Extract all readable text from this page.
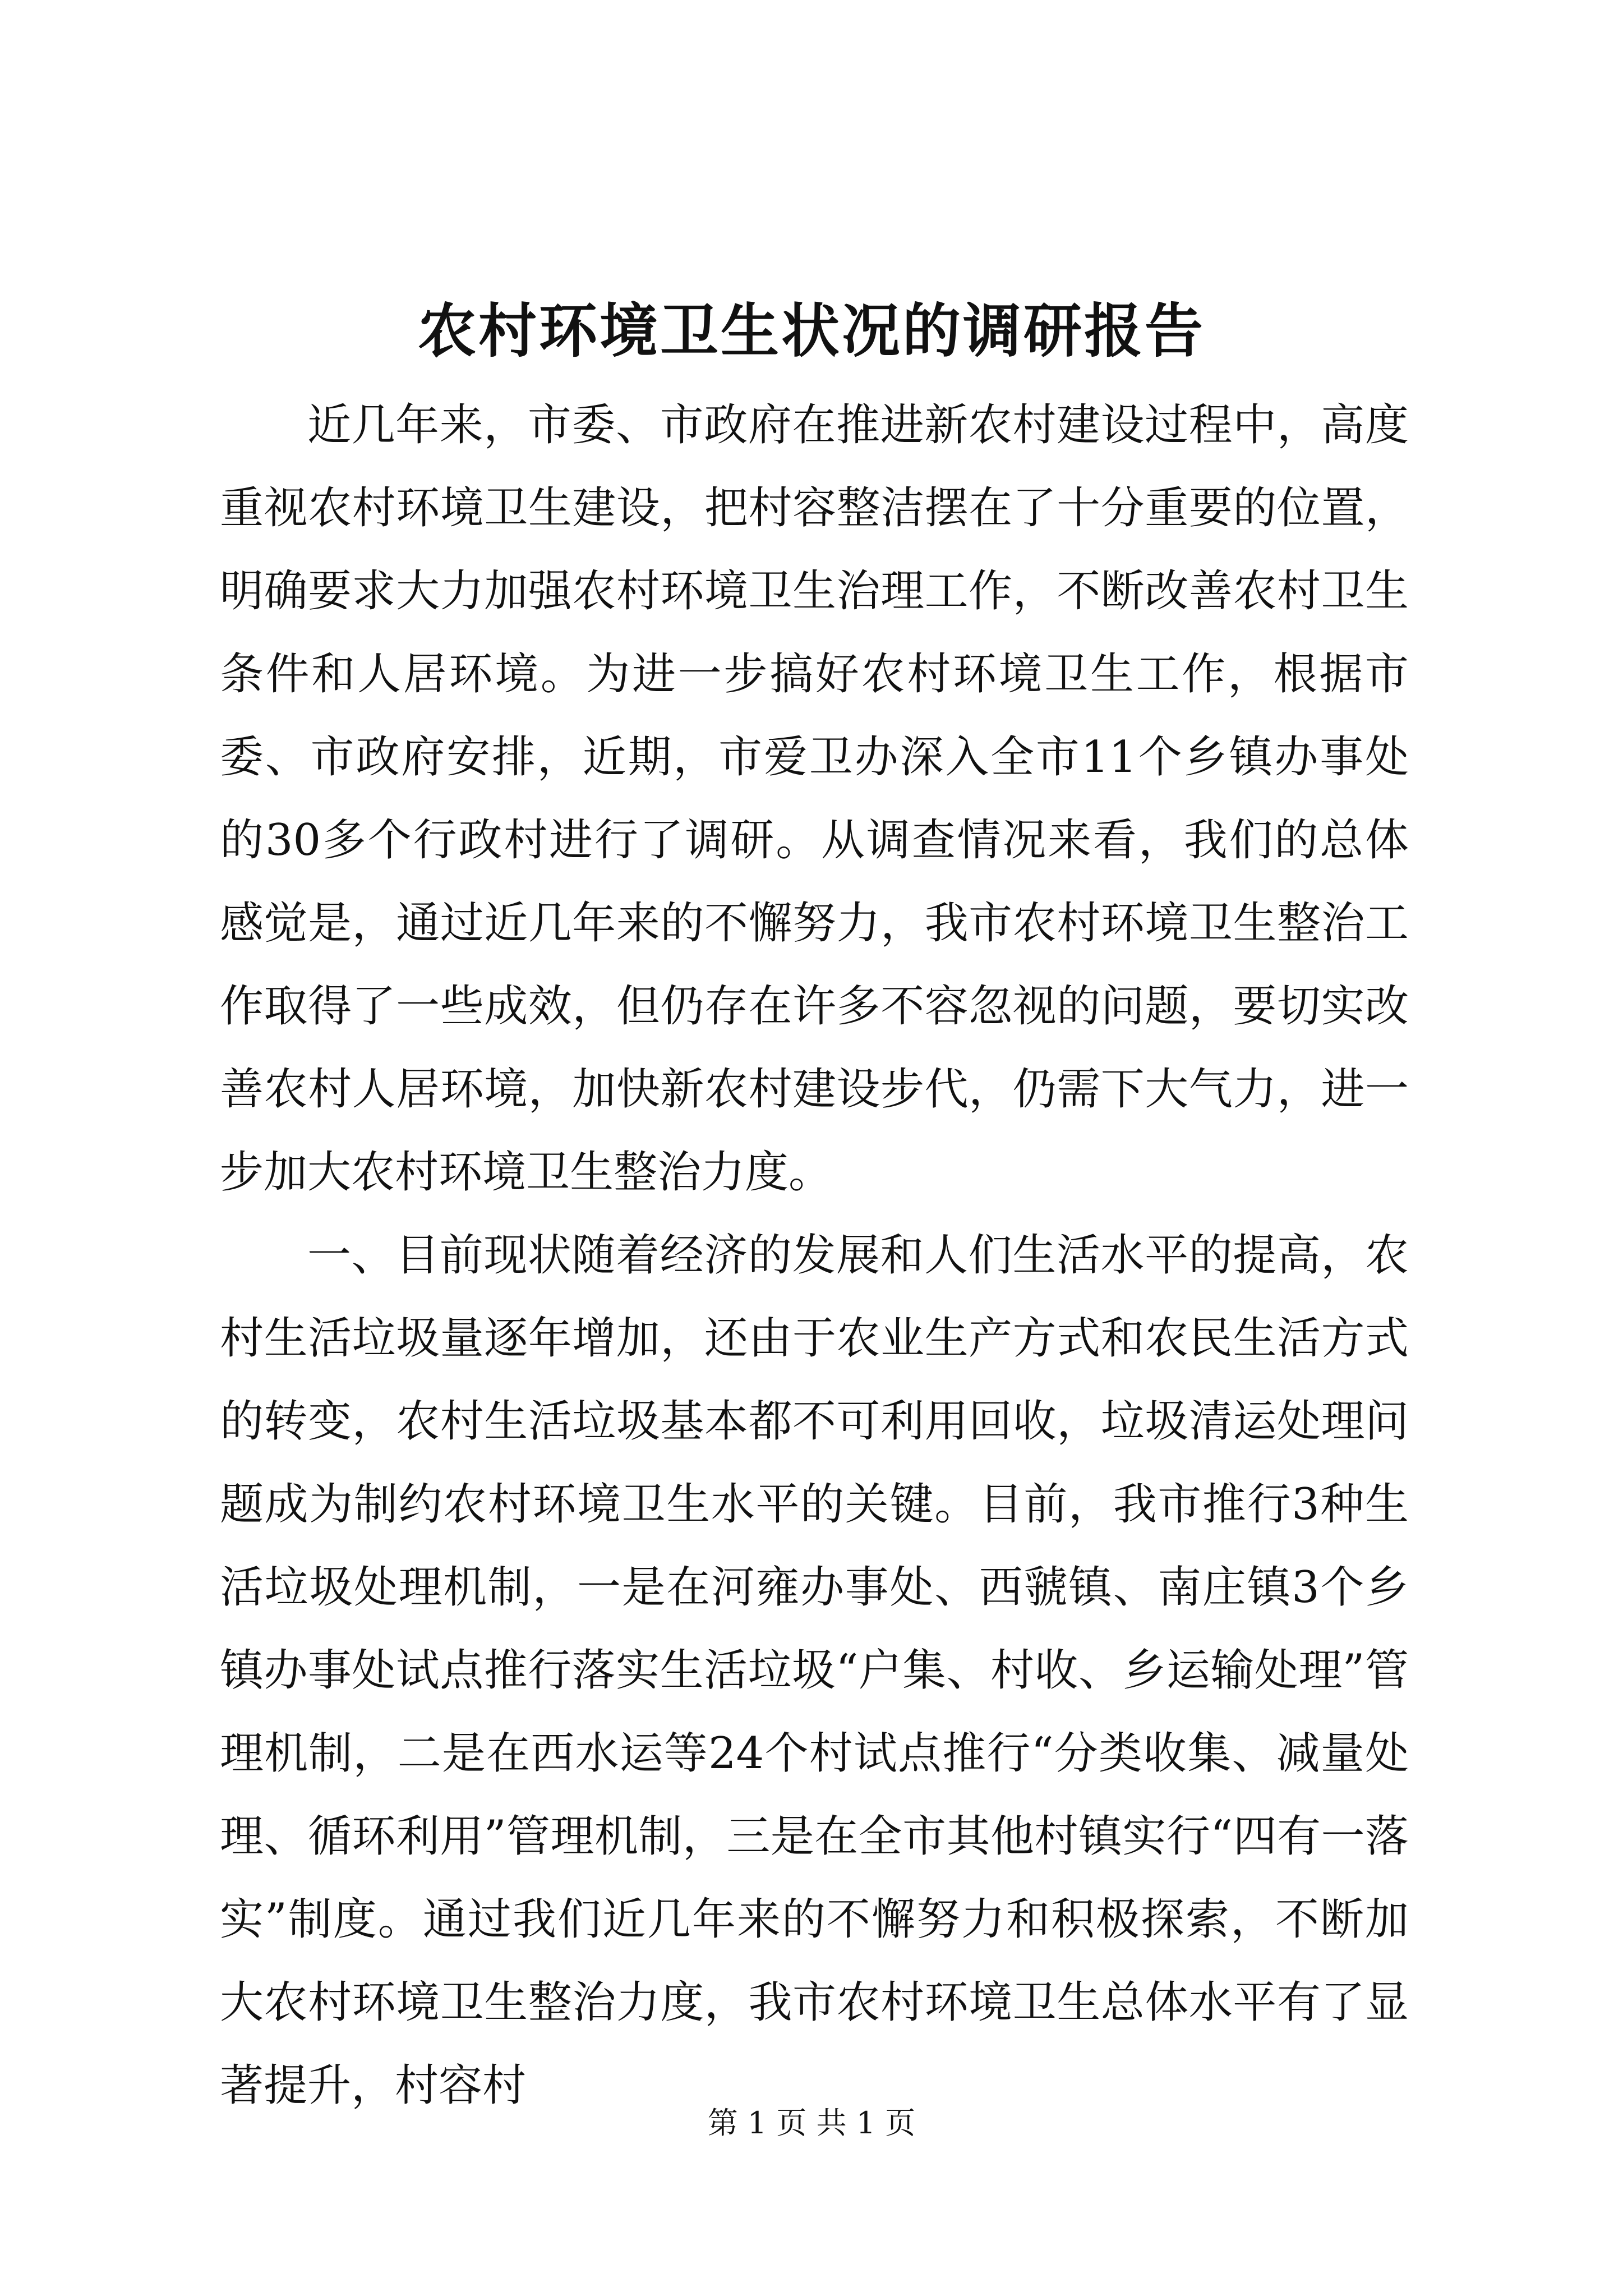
农村环境卫生状况的调研报告

近几年来，市委、市政府在推进新农村建设过程中，高度重视农村环境卫生建设，把村容整洁摆在了十分重要的位置，明确要求大力加强农村环境卫生治理工作，不断改善农村卫生条件和人居环境。为进一步搞好农村环境卫生工作，根据市委、市政府安排，近期，市爱卫办深入全市11个乡镇办事处的30多个行政村进行了调研。从调查情况来看，我们的总体感觉是，通过近几年来的不懈努力，我市农村环境卫生整治工作取得了一些成效，但仍存在许多不容忽视的问题，要切实改善农村人居环境，加快新农村建设步代，仍需下大气力，进一步加大农村环境卫生整治力度。

一、目前现状随着经济的发展和人们生活水平的提高，农村生活垃圾量逐年增加，还由于农业生产方式和农民生活方式的转变，农村生活垃圾基本都不可利用回收，垃圾清运处理问题成为制约农村环境卫生水平的关键。目前，我市推行3种生活垃圾处理机制，一是在河雍办事处、西虢镇、南庄镇3个乡镇办事处试点推行落实生活垃圾“户集、村收、乡运输处理”管理机制，二是在西水运等24个村试点推行“分类收集、减量处理、循环利用”管理机制，三是在全市其他村镇实行“四有一落实”制度。通过我们近几年来的不懈努力和积极探索，不断加大农村环境卫生整治力度，我市农村环境卫生总体水平有了显著提升，村容村

第 1 页 共 1 页
